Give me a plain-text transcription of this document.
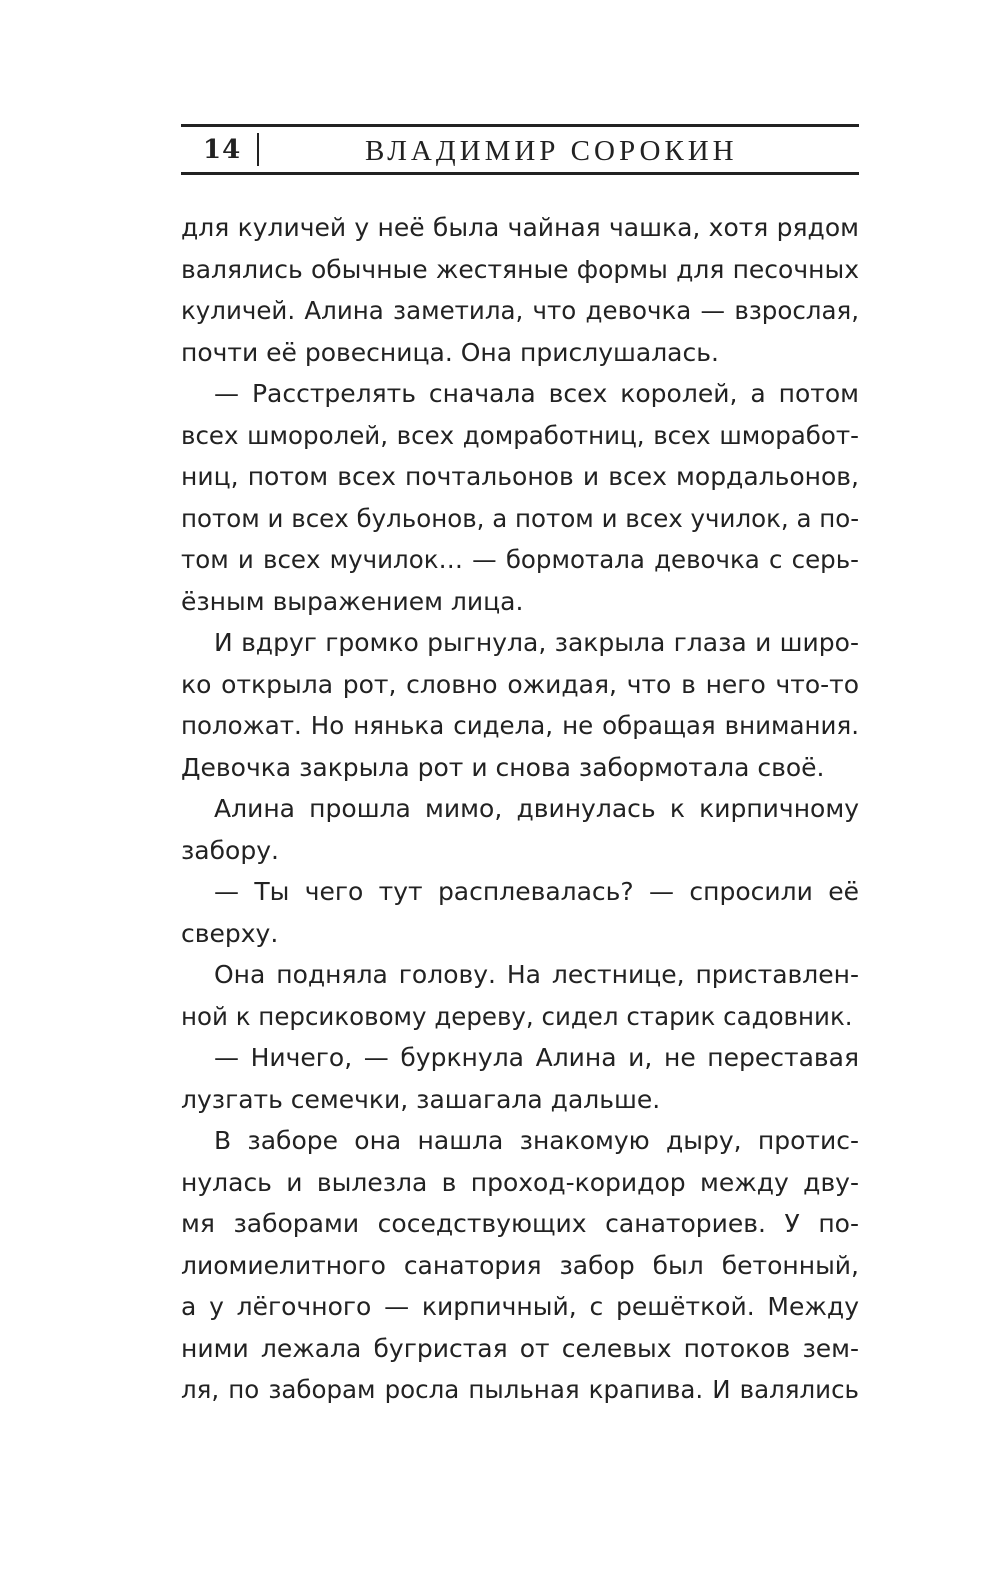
14	ВЛАДИМИР СОРОКИН
для куличей у неё была чайная чашка, хотя рядом
валялись обычные жестяные формы для песочных
куличей. Алина заметила, что девочка — взрослая,
почти её ровесница. Она прислушалась.
— Расстрелять сначала всех королей, а потом
всех шморолей, всех домработниц, всех шморабот-
ниц, потом всех почтальонов и всех мордальонов,
потом и всех бульонов, а потом и всех училок, а по-
том и всех мучилок… — бормотала девочка с серь-
ёзным выражением лица.
И вдруг громко рыгнула, закрыла глаза и широ-
ко открыла рот, словно ожидая, что в него что-то
положат. Но нянька сидела, не обращая внимания.
Девочка закрыла рот и снова забормотала своё.
Алина прошла мимо, двинулась к кирпичному
забору.
— Ты чего тут расплевалась? — спросили её
сверху.
Она подняла голову. На лестнице, приставлен-
ной к персиковому дереву, сидел старик садовник.
— Ничего, — буркнула Алина и, не переставая
лузгать семечки, зашагала дальше.
В заборе она нашла знакомую дыру, протис-
нулась и вылезла в проход-коридор между дву-
мя заборами соседствующих санаториев. У по-
лиомиелитного санатория забор был бетонный,
а у лёгочного — кирпичный, с решёткой. Между
ними лежала бугристая от селевых потоков зем-
ля, по заборам росла пыльная крапива. И валялись
